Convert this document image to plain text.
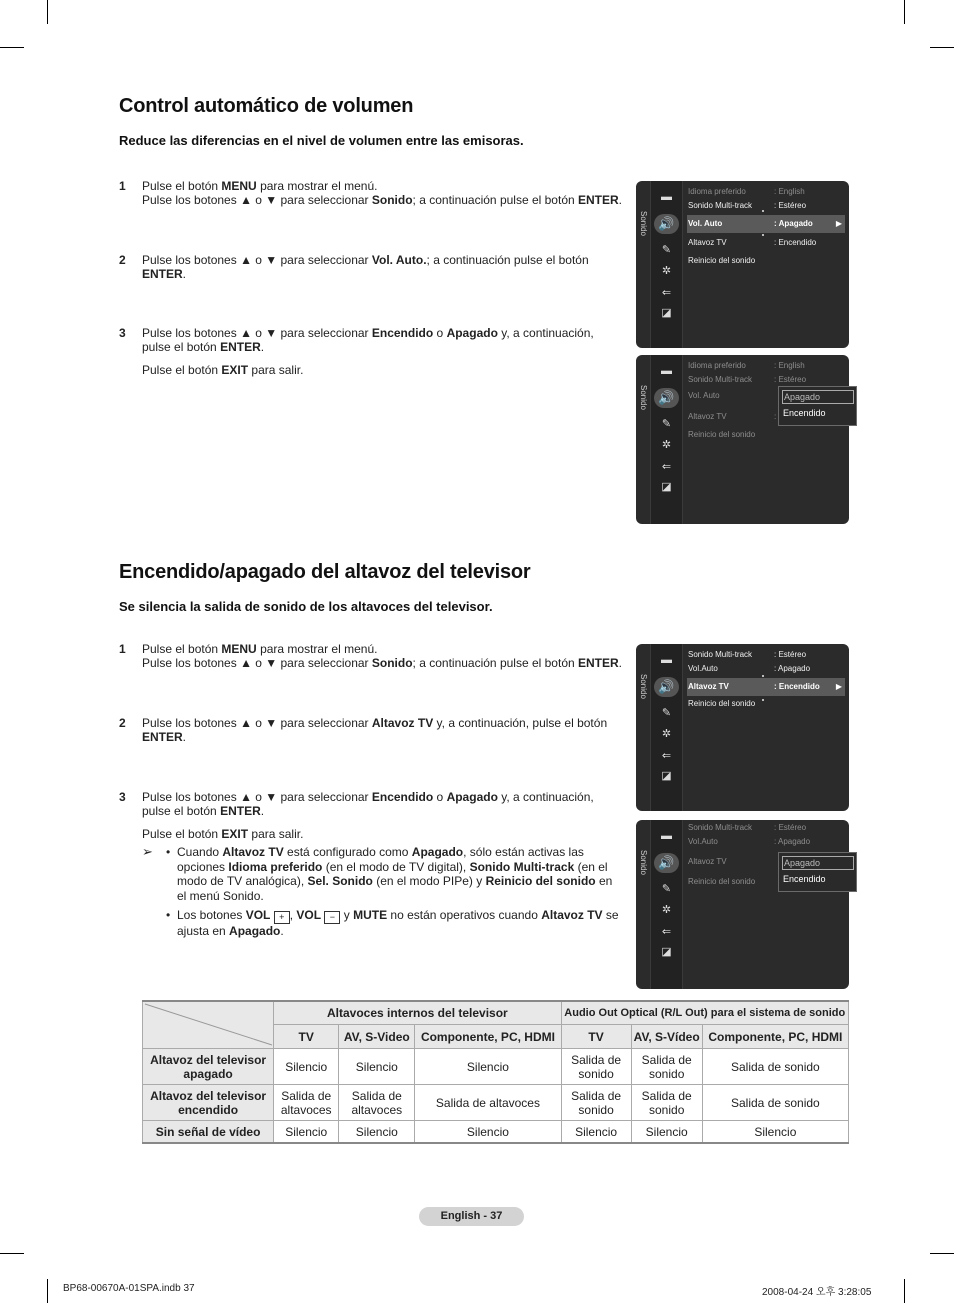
Control automático de volumen
Reduce las diferencias en el nivel de volumen entre las emisoras.
1 Pulse el botón MENU para mostrar el menú.

Pulse los botones ▲ o ▼ para seleccionar Sonido; a continuación pulse el botón ENTER.

2 Pulse los botones ▲ o ▼ para seleccionar Vol. Auto.; a continuación pulse el botón ENTER.

3 Pulse los botones ▲ o ▼ para seleccionar Encendido o Apagado y, a continuación, pulse el botón ENTER.

Pulse el botón EXIT para salir.

Sonido
▬
🔊
✎
✲
⇐
◪
Idioma preferido	: English
Sonido Multi-track	: Estéreo
Vol. Auto	: Apagado	▶
Altavoz TV	: Encendido
Reinicio del sonido
Sonido
▬
🔊
✎
✲
⇐
◪
Apagado
Encendido
Idioma preferido	: English
Sonido Multi-track	: Estéreo
Vol. Auto
Altavoz TV	:
Reinicio del sonido
Encendido/apagado del altavoz del televisor
Se silencia la salida de sonido de los altavoces del televisor.
1 Pulse el botón MENU para mostrar el menú.

Pulse los botones ▲ o ▼ para seleccionar Sonido; a continuación pulse el botón ENTER.

2 Pulse los botones ▲ o ▼ para seleccionar Altavoz TV y, a continuación, pulse el botón ENTER.

3 Pulse los botones ▲ o ▼ para seleccionar Encendido o Apagado y, a continuación, pulse el botón ENTER.

Pulse el botón EXIT para salir.

➢	• Cuando Altavoz TV está configurado como Apagado, sólo están activas las opciones Idioma preferido (en el modo de TV digital), Sonido Multi-track (en el modo de TV analógica), Sel. Sonido (en el modo PIPe) y Reinicio del sonido en el menú Sonido.
• Los botones VOL + , VOL − y MUTE no están operativos cuando Altavoz TV se ajusta en Apagado.
Sonido
▬
🔊
✎
✲
⇐
◪
Sonido Multi-track	: Estéreo
Vol.Auto	: Apagado
Altavoz TV	: Encendido ▶
Reinicio del sonido
Sonido
▬
🔊
✎
✲
⇐
◪
Apagado
Encendido
Sonido Multi-track	: Estéreo
Vol.Auto	: Apagado
Altavoz TV
Reinicio del sonido
	Altavoces internos del televisor			Audio Out Optical (R/L Out) para el sistema de sonido		
	TV	AV, S-Video	Componente, PC, HDMI	TV	AV, S-Vídeo	Componente, PC, HDMI
Altavoz del televisor apagado	Silencio	Silencio	Silencio	Salida de sonido	Salida de sonido	Salida de sonido
Altavoz del televisor encendido	Salida de altavoces	Salida de altavoces	Salida de altavoces	Salida de sonido	Salida de sonido	Salida de sonido
Sin señal de vídeo	Silencio	Silencio	Silencio	Silencio	Silencio	Silencio
English - 37
BP68-00670A-01SPA.indb 37	2008-04-24 오후 3:28:05
